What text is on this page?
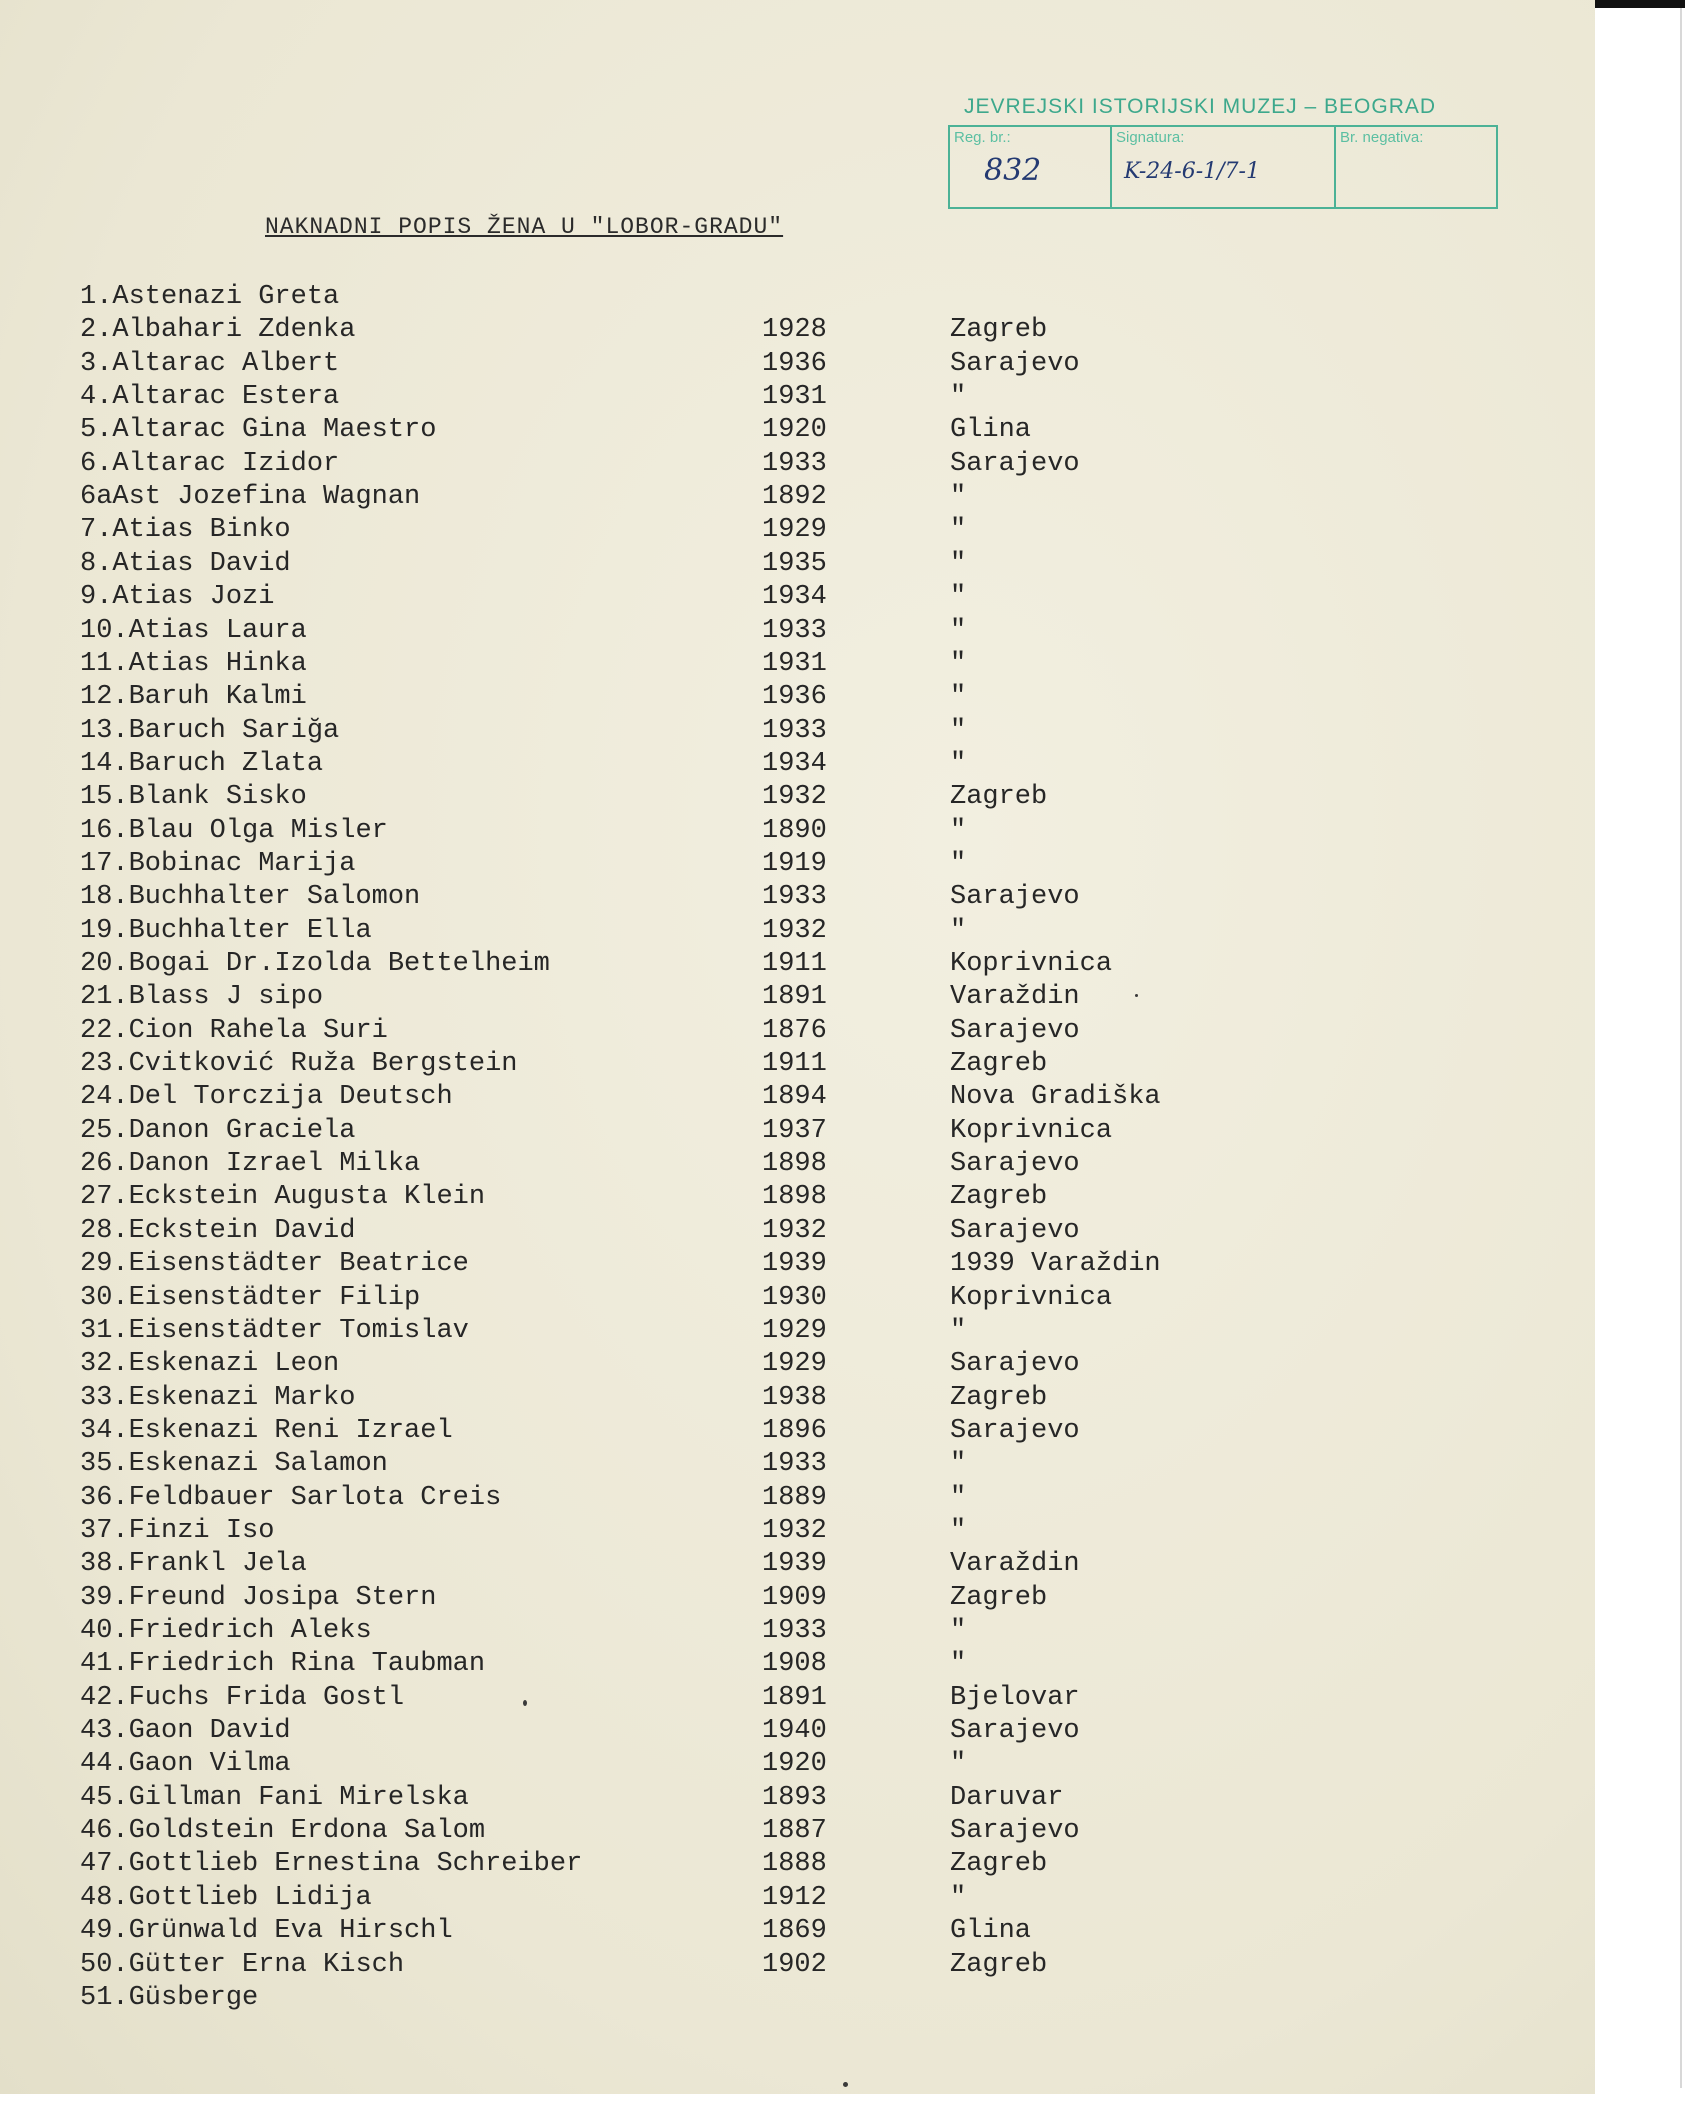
JEVREJSKI ISTORIJSKI MUZEJ – BEOGRAD
Reg. br.:
832
Signatura:
K-24-6-1/7-1
Br. negativa:
NAKNADNI POPIS ŽENA U "LOBOR-GRADU"
1.Astenazi Greta
2.Albahari Zdenka	1928	Zagreb
3.Altarac Albert	1936	Sarajevo
4.Altarac Estera	1931	"
5.Altarac Gina Maestro	1920	Glina
6.Altarac Izidor	1933	Sarajevo
6aAst Jozefina Wagnan	1892	"
7.Atias Binko	1929	"
8.Atias David	1935	"
9.Atias Jozi	1934	"
10.Atias Laura	1933	"
11.Atias Hinka	1931	"
12.Baruh Kalmi	1936	"
13.Baruch Sariğa	1933	"
14.Baruch Zlata	1934	"
15.Blank Sisko	1932	Zagreb
16.Blau Olga Misler	1890	"
17.Bobinac Marija	1919	"
18.Buchhalter Salomon	1933	Sarajevo
19.Buchhalter Ella	1932	"
20.Bogai Dr.Izolda Bettelheim	1911	Koprivnica
21.Blass J sipo	1891	Varaždin
22.Cion Rahela Suri	1876	Sarajevo
23.Cvitković Ruža Bergstein	1911	Zagreb
24.Del Torczija Deutsch	1894	Nova Gradiška
25.Danon Graciela	1937	Koprivnica
26.Danon Izrael Milka	1898	Sarajevo
27.Eckstein Augusta Klein	1898	Zagreb
28.Eckstein David	1932	Sarajevo
29.Eisenstädter Beatrice	1939	1939 Varaždin
30.Eisenstädter Filip	1930	Koprivnica
31.Eisenstädter Tomislav	1929	"
32.Eskenazi Leon	1929	Sarajevo
33.Eskenazi Marko	1938	Zagreb
34.Eskenazi Reni Izrael	1896	Sarajevo
35.Eskenazi Salamon	1933	"
36.Feldbauer Sarlota Creis	1889	"
37.Finzi Iso	1932	"
38.Frankl Jela	1939	Varaždin
39.Freund Josipa Stern	1909	Zagreb
40.Friedrich Aleks	1933	"
41.Friedrich Rina Taubman	1908	"
42.Fuchs Frida Gostl	1891	Bjelovar
43.Gaon David	1940	Sarajevo
44.Gaon Vilma	1920	"
45.Gillman Fani Mirelska	1893	Daruvar
46.Goldstein Erdona Salom	1887	Sarajevo
47.Gottlieb Ernestina Schreiber	1888	Zagreb
48.Gottlieb Lidija	1912	"
49.Grünwald Eva Hirschl	1869	Glina
50.Gütter Erna Kisch	1902	Zagreb
51.Güsberge
